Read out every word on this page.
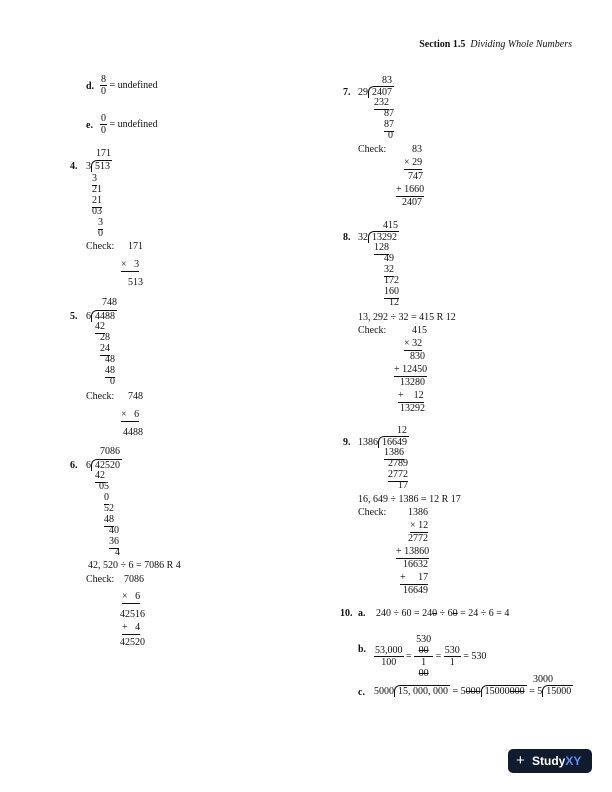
Section 1.5 Dividing Whole Numbers
d. $\frac{8}{0}$ = undefined
e. $\frac{0}{0}$ = undefined
171
4. 3 513
3
21
21
03
3
0
Check: 171
×   3
513
748
5. 6 4488
42
28
24
48
48
0
Check: 748
×   6
4488
7086
6. 6 42520
42
05
0
52
48
40
36
4
42, 520 ÷ 6 = 7086 R 4
Check: 7086
×   6
42516
+   4
42520
83
7. 29 2407
232
87
87
0
Check:	83
× 29
747
+ 1660
2407
415
8. 32 13292
128
49
32
172
160
12
13, 292 ÷ 32 = 415 R 12
Check:	415
× 32
830
+ 12450
13280
+    12
13292
12
9. 1386 16649
1386
2789
2772
17
16, 649 ÷ 1386 = 12 R 17
Check: 1386
× 12
2772
+ 13860
16632
+     17
16649
10. a. 240 ÷ 60 = 240 ÷ 60 = 24 ÷ 6 = 4
b. $\frac{53,000}{100} = 530$
00
1
$00 = \frac{530}{1} = 530$
3000
c. 5000 15, 000, 000 = 5000 15000000 = 5 15000
+ StudyXY
